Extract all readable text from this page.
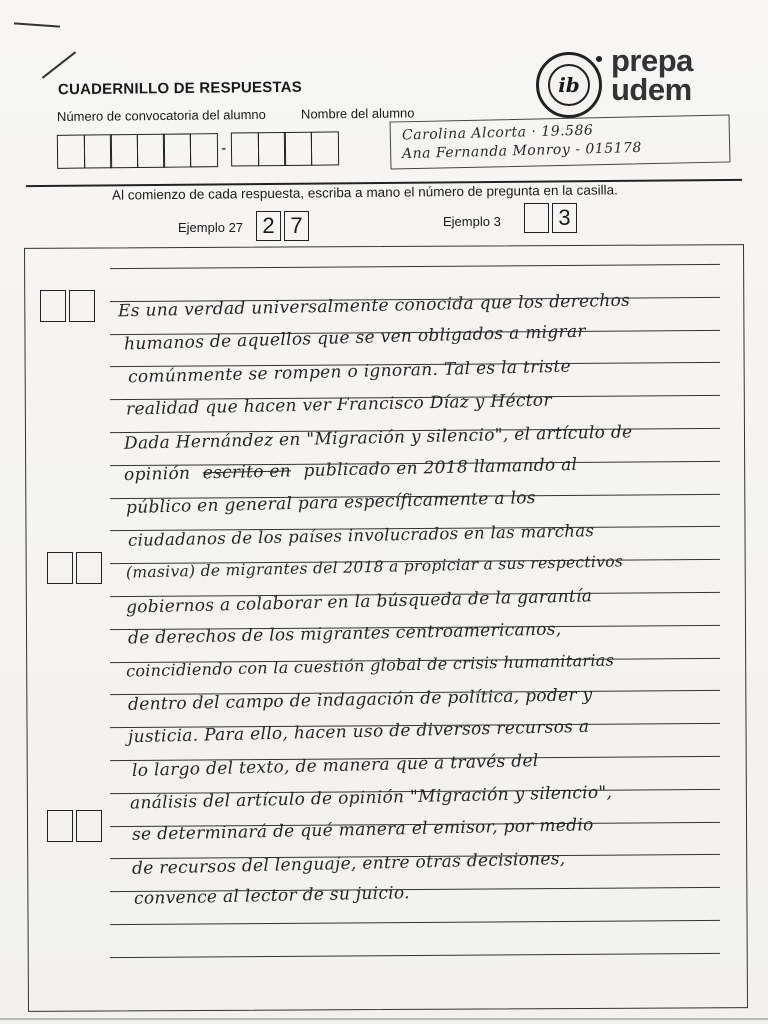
CUADERNILLO DE RESPUESTAS
Número de convocatoria del alumno	Nombre del alumno
-
Carolina Alcorta · 19.586
Ana Fernanda Monroy - 015178
ib
prepa
udem
Al comienzo de cada respuesta, escriba a mano el número de pregunta en la casilla.
Ejemplo 27 2 7	Ejemplo 3	3
Es una verdad universalmente conocida que los derechos
humanos de aquellos que se ven obligados a migrar
comúnmente se rompen o ignoran. Tal es la triste
realidad que hacen ver Francisco Díaz y Héctor
Dada Hernández en "Migración y silencio", el artículo de
opinión escrito en publicado en 2018 llamando al
público en general para específicamente a los
ciudadanos de los países involucrados en las marchas
(masiva) de migrantes del 2018 a propiciar a sus respectivos
gobiernos a colaborar en la búsqueda de la garantía
de derechos de los migrantes centroamericanos,
coincidiendo con la cuestión global de crisis humanitarias
dentro del campo de indagación de política, poder y
justicia. Para ello, hacen uso de diversos recursos a
lo largo del texto, de manera que a través del
análisis del artículo de opinión "Migración y silencio",
se determinará de qué manera el emisor, por medio
de recursos del lenguaje, entre otras decisiones,
convence al lector de su juicio.
